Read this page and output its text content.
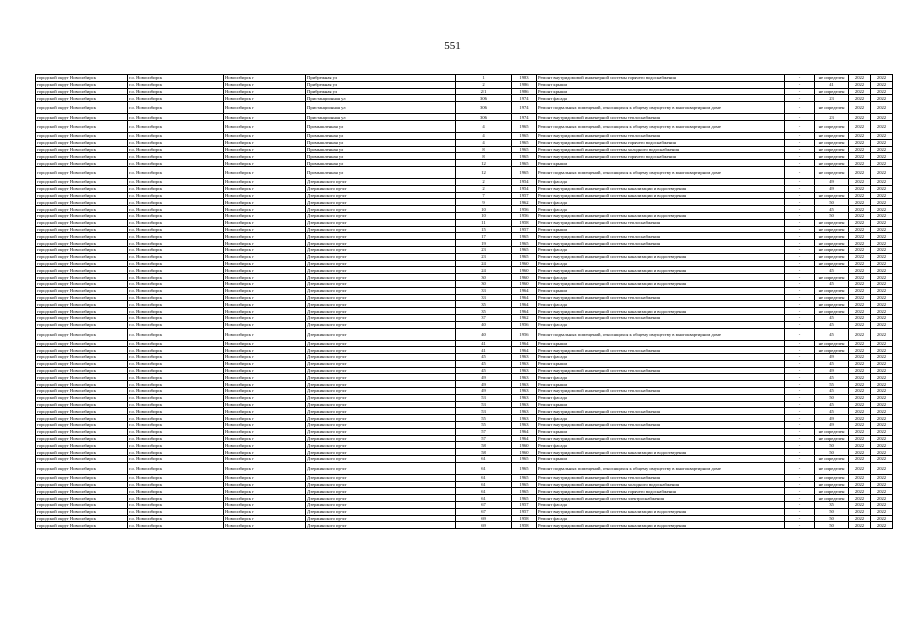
551
городской округ Новосибирск	г.о. Новосибирск	Новосибирск г	Прибрежная ул	1	1983	Ремонт внутридомовой инженерной системы горячего водоснабжения	-	не определен	2022	2022
городской округ Новосибирск	г.о. Новосибирск	Новосибирск г	Прибрежная ул	2	1986	Ремонт крыши	-	41	2022	2022
городской округ Новосибирск	г.о. Новосибирск	Новосибирск г	Прибрежная ул	2/1	1986	Ремонт крыши	-	не определен	2022	2022
городской округ Новосибирск	г.о. Новосибирск	Новосибирск г	Пристанционная ул	306	1974	Ремонт фасада	-	23	2022	2022
городской округ Новосибирск	г.о. Новосибирск	Новосибирск г	Пристанционная ул	306	1974	Ремонт подвальных помещений, относящихся к общему имуществу в многоквартирном доме	-	не определен	2022	2022
городской округ Новосибирск	г.о. Новосибирск	Новосибирск г	Пристанционная ул	306	1974	Ремонт внутридомовой инженерной системы теплоснабжения	-	23	2022	2022
городской округ Новосибирск	г.о. Новосибирск	Новосибирск г	Промышленная ул	4	1965	Ремонт подвальных помещений, относящихся к общему имуществу в многоквартирном доме	-	не определен	2022	2022
городской округ Новосибирск	г.о. Новосибирск	Новосибирск г	Промышленная ул	4	1965	Ремонт внутридомовой инженерной системы теплоснабжения	-	не определен	2022	2022
городской округ Новосибирск	г.о. Новосибирск	Новосибирск г	Промышленная ул	4	1965	Ремонт внутридомовой инженерной системы горячего водоснабжения	-	не определен	2022	2022
городской округ Новосибирск	г.о. Новосибирск	Новосибирск г	Промышленная ул	8	1965	Ремонт внутридомовой инженерной системы холодного водоснабжения	-	не определен	2022	2022
городской округ Новосибирск	г.о. Новосибирск	Новосибирск г	Промышленная ул	8	1965	Ремонт внутридомовой инженерной системы горячего водоснабжения	-	не определен	2022	2022
городской округ Новосибирск	г.о. Новосибирск	Новосибирск г	Промышленная ул	12	1965	Ремонт крыши	-	не определен	2022	2022
городской округ Новосибирск	г.о. Новосибирск	Новосибирск г	Промышленная ул	12	1965	Ремонт подвальных помещений, относящихся к общему имуществу в многоквартирном доме	-	не определен	2022	2022
городской округ Новосибирск	г.о. Новосибирск	Новосибирск г	Дзержинского пр-кт	2	1954	Ремонт фасада	-	49	2022	2022
городской округ Новосибирск	г.о. Новосибирск	Новосибирск г	Дзержинского пр-кт	2	1954	Ремонт внутридомовой инженерной системы канализации и водоотведения	-	49	2022	2022
городской округ Новосибирск	г.о. Новосибирск	Новосибирск г	Дзержинского пр-кт	7	1957	Ремонт внутридомовой инженерной системы канализации и водоотведения	-	не определен	2022	2022
городской округ Новосибирск	г.о. Новосибирск	Новосибирск г	Дзержинского пр-кт	9	1962	Ремонт фасада	-	50	2022	2022
городской округ Новосибирск	г.о. Новосибирск	Новосибирск г	Дзержинского пр-кт	10	1956	Ремонт фасада	-	45	2022	2022
городской округ Новосибирск	г.о. Новосибирск	Новосибирск г	Дзержинского пр-кт	10	1956	Ремонт внутридомовой инженерной системы канализации и водоотведения	-	50	2022	2022
городской округ Новосибирск	г.о. Новосибирск	Новосибирск г	Дзержинского пр-кт	11	1958	Ремонт внутридомовой инженерной системы теплоснабжения	-	не определен	2022	2022
городской округ Новосибирск	г.о. Новосибирск	Новосибирск г	Дзержинского пр-кт	15	1957	Ремонт крыши	-	не определен	2022	2022
городской округ Новосибирск	г.о. Новосибирск	Новосибирск г	Дзержинского пр-кт	17	1965	Ремонт внутридомовой инженерной системы теплоснабжения	-	не определен	2022	2022
городской округ Новосибирск	г.о. Новосибирск	Новосибирск г	Дзержинского пр-кт	19	1965	Ремонт внутридомовой инженерной системы теплоснабжения	-	не определен	2022	2022
городской округ Новосибирск	г.о. Новосибирск	Новосибирск г	Дзержинского пр-кт	23	1965	Ремонт фасада	-	не определен	2022	2022
городской округ Новосибирск	г.о. Новосибирск	Новосибирск г	Дзержинского пр-кт	23	1965	Ремонт внутридомовой инженерной системы канализации и водоотведения	-	не определен	2022	2022
городской округ Новосибирск	г.о. Новосибирск	Новосибирск г	Дзержинского пр-кт	24	1960	Ремонт фасада	-	не определен	2022	2022
городской округ Новосибирск	г.о. Новосибирск	Новосибирск г	Дзержинского пр-кт	24	1960	Ремонт внутридомовой инженерной системы канализации и водоотведения	-	45	2022	2022
городской округ Новосибирск	г.о. Новосибирск	Новосибирск г	Дзержинского пр-кт	30	1960	Ремонт фасада	-	не определен	2022	2022
городской округ Новосибирск	г.о. Новосибирск	Новосибирск г	Дзержинского пр-кт	30	1960	Ремонт внутридомовой инженерной системы канализации и водоотведения	-	45	2022	2022
городской округ Новосибирск	г.о. Новосибирск	Новосибирск г	Дзержинского пр-кт	33	1964	Ремонт крыши	-	не определен	2022	2022
городской округ Новосибирск	г.о. Новосибирск	Новосибирск г	Дзержинского пр-кт	33	1964	Ремонт внутридомовой инженерной системы теплоснабжения	-	не определен	2022	2022
городской округ Новосибирск	г.о. Новосибирск	Новосибирск г	Дзержинского пр-кт	35	1964	Ремонт фасада	-	не определен	2022	2022
городской округ Новосибирск	г.о. Новосибирск	Новосибирск г	Дзержинского пр-кт	35	1964	Ремонт внутридомовой инженерной системы канализации и водоотведения	-	не определен	2022	2022
городской округ Новосибирск	г.о. Новосибирск	Новосибирск г	Дзержинского пр-кт	37	1962	Ремонт внутридомовой инженерной системы теплоснабжения	-	45	2022	2022
городской округ Новосибирск	г.о. Новосибирск	Новосибирск г	Дзержинского пр-кт	40	1956	Ремонт фасада	-	45	2022	2022
городской округ Новосибирск	г.о. Новосибирск	Новосибирск г	Дзержинского пр-кт	40	1956	Ремонт подвальных помещений, относящихся к общему имуществу в многоквартирном доме	-	45	2022	2022
городской округ Новосибирск	г.о. Новосибирск	Новосибирск г	Дзержинского пр-кт	41	1964	Ремонт крыши	-	не определен	2022	2022
городской округ Новосибирск	г.о. Новосибирск	Новосибирск г	Дзержинского пр-кт	41	1964	Ремонт внутридомовой инженерной системы теплоснабжения	-	не определен	2022	2022
городской округ Новосибирск	г.о. Новосибирск	Новосибирск г	Дзержинского пр-кт	45	1963	Ремонт фасада	-	49	2022	2022
городской округ Новосибирск	г.о. Новосибирск	Новосибирск г	Дзержинского пр-кт	45	1963	Ремонт крыши	-	45	2022	2022
городской округ Новосибирск	г.о. Новосибирск	Новосибирск г	Дзержинского пр-кт	45	1963	Ремонт внутридомовой инженерной системы теплоснабжения	-	49	2022	2022
городской округ Новосибирск	г.о. Новосибирск	Новосибирск г	Дзержинского пр-кт	49	1963	Ремонт фасада	-	45	2022	2022
городской округ Новосибирск	г.о. Новосибирск	Новосибирск г	Дзержинского пр-кт	49	1963	Ремонт крыши	-	55	2022	2022
городской округ Новосибирск	г.о. Новосибирск	Новосибирск г	Дзержинского пр-кт	49	1963	Ремонт внутридомовой инженерной системы теплоснабжения	-	45	2022	2022
городской округ Новосибирск	г.о. Новосибирск	Новосибирск г	Дзержинского пр-кт	53	1963	Ремонт фасада	-	50	2022	2022
городской округ Новосибирск	г.о. Новосибирск	Новосибирск г	Дзержинского пр-кт	53	1963	Ремонт крыши	-	45	2022	2022
городской округ Новосибирск	г.о. Новосибирск	Новосибирск г	Дзержинского пр-кт	53	1963	Ремонт внутридомовой инженерной системы теплоснабжения	-	45	2022	2022
городской округ Новосибирск	г.о. Новосибирск	Новосибирск г	Дзержинского пр-кт	55	1963	Ремонт фасада	-	49	2022	2022
городской округ Новосибирск	г.о. Новосибирск	Новосибирск г	Дзержинского пр-кт	55	1963	Ремонт внутридомовой инженерной системы теплоснабжения	-	49	2022	2022
городской округ Новосибирск	г.о. Новосибирск	Новосибирск г	Дзержинского пр-кт	57	1964	Ремонт крыши	-	не определен	2022	2022
городской округ Новосибирск	г.о. Новосибирск	Новосибирск г	Дзержинского пр-кт	57	1964	Ремонт внутридомовой инженерной системы теплоснабжения	-	не определен	2022	2022
городской округ Новосибирск	г.о. Новосибирск	Новосибирск г	Дзержинского пр-кт	58	1960	Ремонт фасада	-	50	2022	2022
городской округ Новосибирск	г.о. Новосибирск	Новосибирск г	Дзержинского пр-кт	58	1960	Ремонт внутридомовой инженерной системы канализации и водоотведения	-	50	2022	2022
городской округ Новосибирск	г.о. Новосибирск	Новосибирск г	Дзержинского пр-кт	61	1965	Ремонт крыши	-	не определен	2022	2022
городской округ Новосибирск	г.о. Новосибирск	Новосибирск г	Дзержинского пр-кт	61	1965	Ремонт подвальных помещений, относящихся к общему имуществу в многоквартирном доме	-	не определен	2022	2022
городской округ Новосибирск	г.о. Новосибирск	Новосибирск г	Дзержинского пр-кт	61	1965	Ремонт внутридомовой инженерной системы теплоснабжения	-	не определен	2022	2022
городской округ Новосибирск	г.о. Новосибирск	Новосибирск г	Дзержинского пр-кт	61	1965	Ремонт внутридомовой инженерной системы холодного водоснабжения	-	не определен	2022	2022
городской округ Новосибирск	г.о. Новосибирск	Новосибирск г	Дзержинского пр-кт	61	1965	Ремонт внутридомовой инженерной системы горячего водоснабжения	-	не определен	2022	2022
городской округ Новосибирск	г.о. Новосибирск	Новосибирск г	Дзержинского пр-кт	61	1965	Ремонт внутридомовой инженерной системы электроснабжения	-	не определен	2022	2022
городской округ Новосибирск	г.о. Новосибирск	Новосибирск г	Дзержинского пр-кт	67	1957	Ремонт фасада	-	35	2022	2022
городской округ Новосибирск	г.о. Новосибирск	Новосибирск г	Дзержинского пр-кт	67	1957	Ремонт внутридомовой инженерной системы канализации и водоотведения	-	50	2022	2022
городской округ Новосибирск	г.о. Новосибирск	Новосибирск г	Дзержинского пр-кт	69	1958	Ремонт фасада	-	50	2022	2022
городской округ Новосибирск	г.о. Новосибирск	Новосибирск г	Дзержинского пр-кт	69	1958	Ремонт внутридомовой инженерной системы канализации и водоотведения	-	50	2022	2022
